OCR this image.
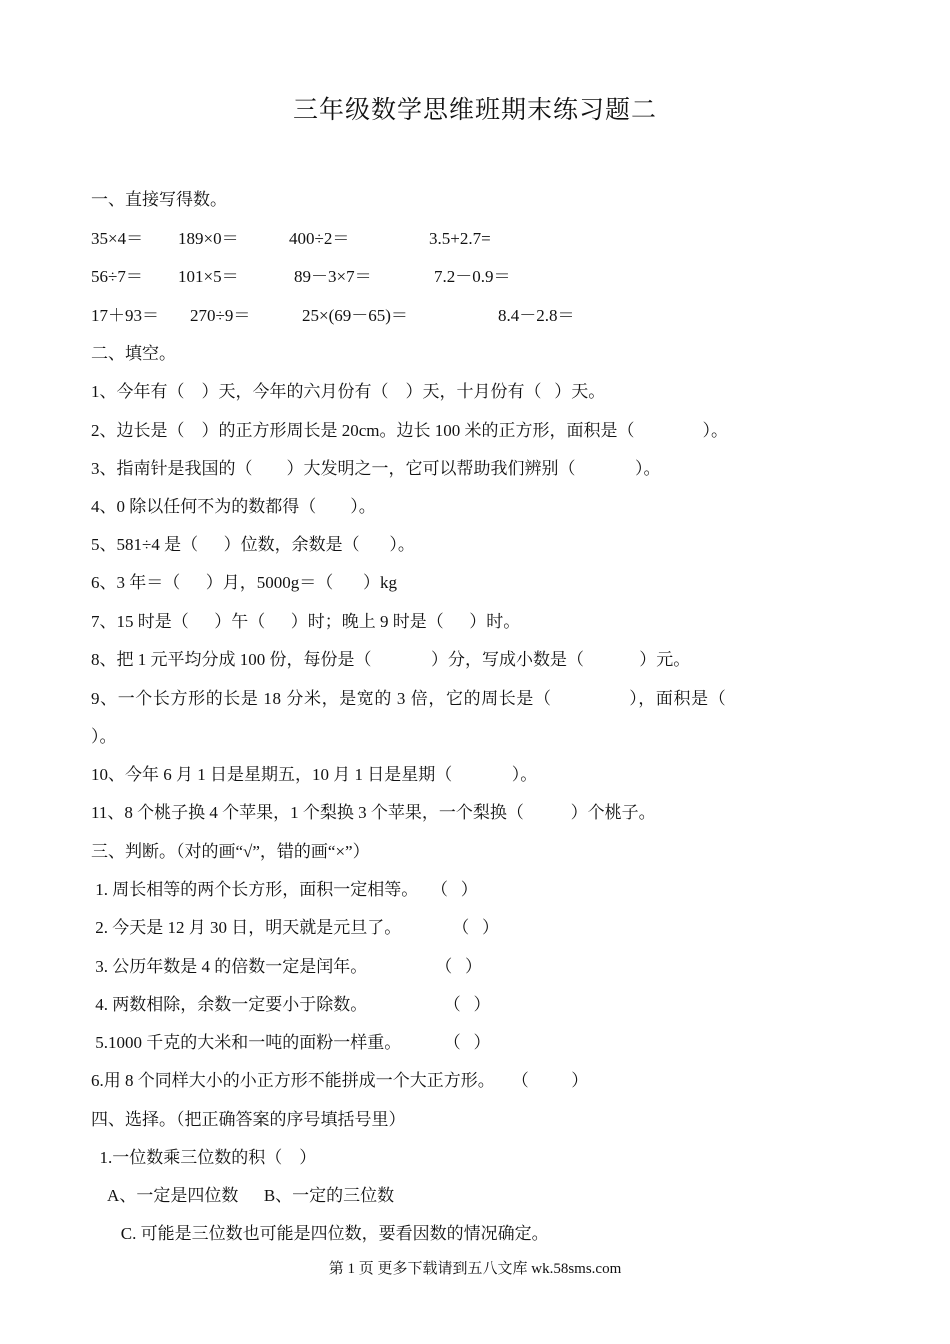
三年级数学思维班期末练习题二
一、直接写得数。
35×4＝ 189×0＝	400÷2＝	3.5+2.7=
56÷7＝ 101×5＝	89－3×7＝	7.2－0.9＝
17＋93＝ 270÷9＝	25×(69－65)＝	8.4－2.8＝
二、填空。
1、今年有（    ）天，今年的六月份有（    ）天，十月份有（   ）天。
2、边长是（    ）的正方形周长是 20cm。边长 100 米的正方形，面积是（                ）。
3、指南针是我国的（        ）大发明之一，它可以帮助我们辨别（              ）。
4、0 除以任何不为的数都得（        ）。
5、581÷4 是（      ）位数，余数是（       ）。
6、3 年＝（      ）月，5000g＝（       ）kg
7、15 时是（      ）午（      ）时；晚上 9 时是（      ）时。
8、把 1 元平均分成 100 份，每份是（              ）分，写成小数是（             ）元。
9、一个长方形的长是 18 分米，是宽的 3 倍，它的周长是（                ），面积是（
）。
10、今年 6 月 1 日是星期五，10 月 1 日是星期（              ）。
11、8 个桃子换 4 个苹果，1 个梨换 3 个苹果，一个梨换（           ）个桃子。
三、判断。（对的画“√”，错的画“×”）
1. 周长相等的两个长方形，面积一定相等。   （   ）
2. 今天是 12 月 30 日，明天就是元旦了。            （   ）
3. 公历年数是 4 的倍数一定是闰年。                （   ）
4. 两数相除，余数一定要小于除数。                  （   ）
5.1000 千克的大米和一吨的面粉一样重。          （   ）
6.用 8 个同样大小的小正方形不能拼成一个大正方形。    （          ）
四、选择。（把正确答案的序号填括号里）
1.一位数乘三位数的积（    ）
A、一定是四位数      B、一定的三位数
C. 可能是三位数也可能是四位数，要看因数的情况确定。
第 1 页 更多下载请到五八文库 wk.58sms.com
